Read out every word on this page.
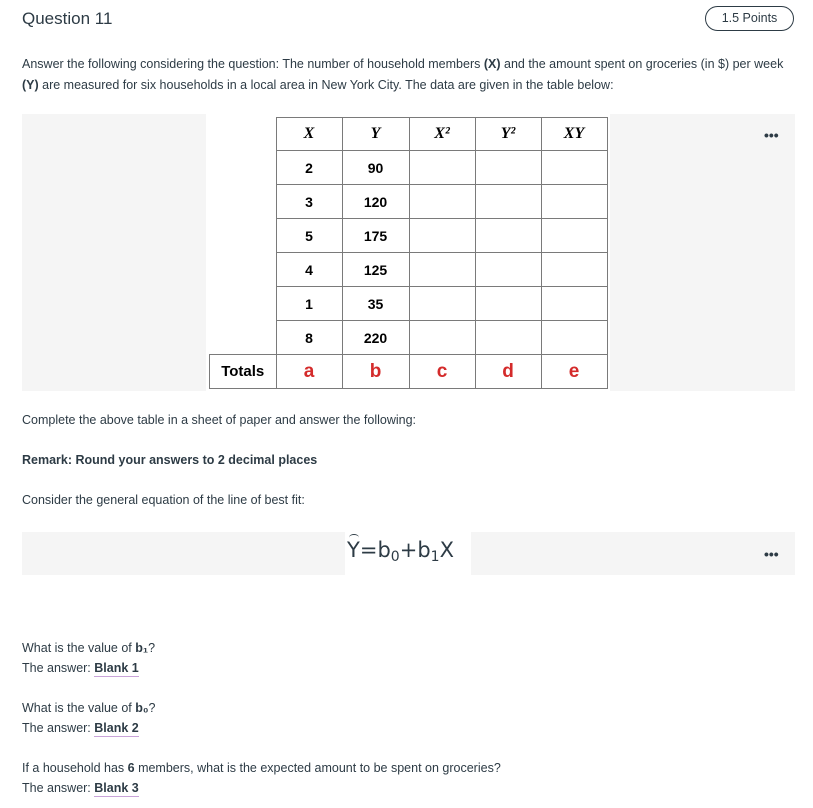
Question 11	1.5 Points
Answer the following considering the question: The number of household members (X) and the amount spent on groceries (in $) per week (Y) are measured for six households in a local area in New York City. The data are given in the table below:
•••
	X	Y	X²	Y²	XY
	2	90			
	3	120			
	5	175			
	4	125			
	1	35			
	8	220			
Totals	a	b	c	d	e
Complete the above table in a sheet of paper and answer the following:
Remark: Round your answers to 2 decimal places
Consider the general equation of the line of best fit:
$Y=b_0+b_1X$	•••
What is the value of b₁?
The answer: Blank 1
What is the value of b₀?
The answer: Blank 2
If a household has 6 members, what is the expected amount to be spent on groceries?
The answer: Blank 3
